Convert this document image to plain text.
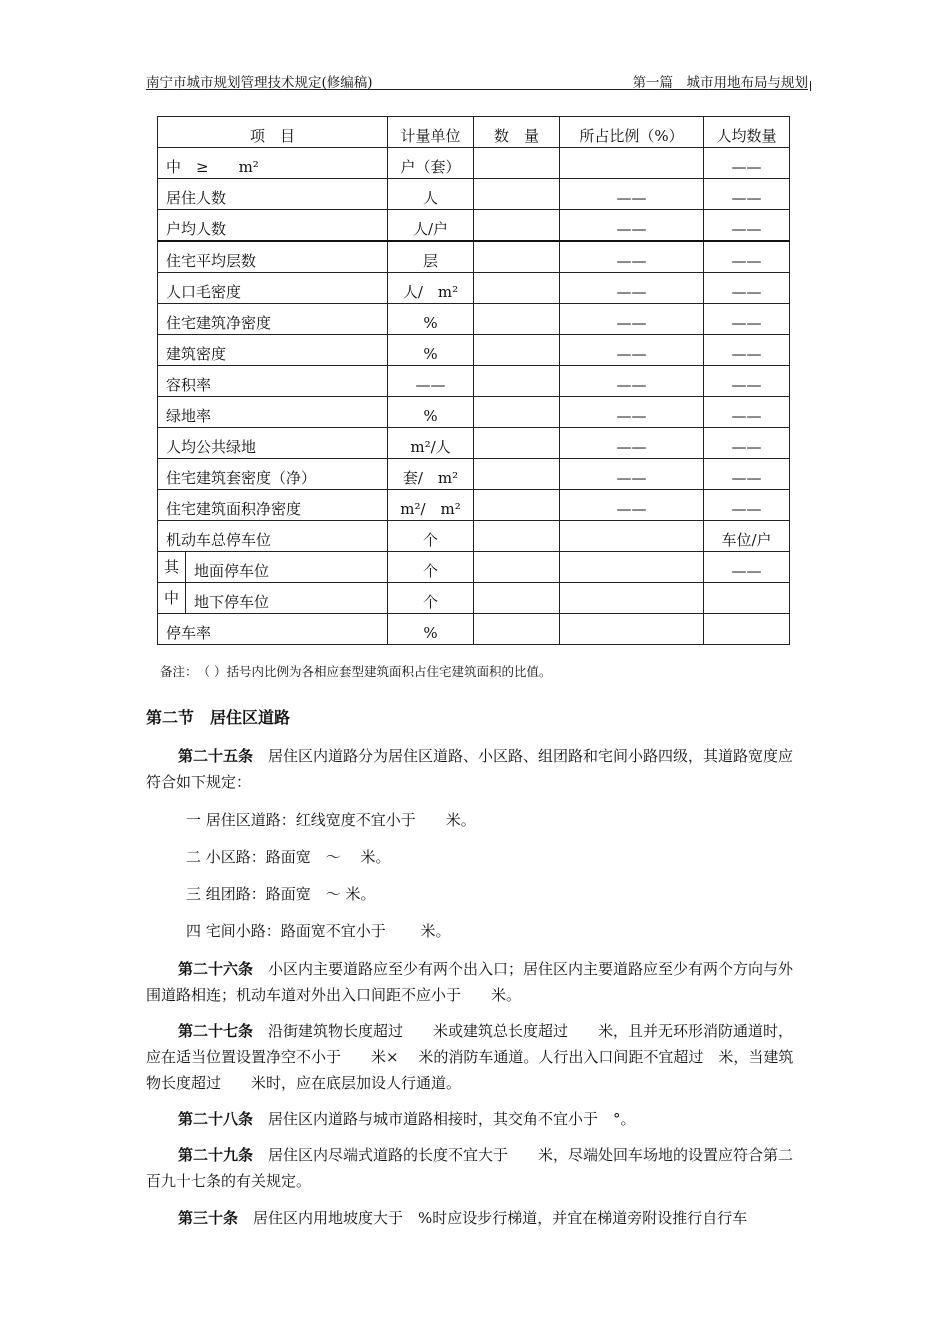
南宁市城市规划管理技术规定(修编稿)	第一篇　城市用地布局与规划
项　目		计量单位	数　量	所占比例（%）	人均数量
中　≥　　m²		户（套）			——
居住人数		人		——	——
户均人数		人/户		——	——
住宅平均层数		层		——	——
人口毛密度		人/　m²		——	——
住宅建筑净密度		%		——	——
建筑密度		%		——	——
容积率		——		——	——
绿地率		%		——	——
人均公共绿地		m²/人		——	——
住宅建筑套密度（净）		套/　m²		——	——
住宅建筑面积净密度		m²/　m²		——	——
机动车总停车位		个			车位/户
其	地面停车位	个			——
中	地下停车位	个			
停车率		%			
备注：　（ ）括号内比例为各相应套型建筑面积占住宅建筑面积的比值。
第二节　居住区道路
第二十五条　居住区内道路分为居住区道路、小区路、组团路和宅间小路四级，其道路宽度应符合如下规定：
一 居住区道路：红线宽度不宜小于　　米。
二 小区路：路面宽　～　 米。
三 组团路：路面宽　～ 米。
四 宅间小路：路面宽不宜小于　　 米。
第二十六条　小区内主要道路应至少有两个出入口；居住区内主要道路应至少有两个方向与外围道路相连；机动车道对外出入口间距不应小于　　米。
第二十七条　沿街建筑物长度超过　　米或建筑总长度超过　　米，且并无环形消防通道时，应在适当位置设置净空不小于　　米×　 米的消防车通道。人行出入口间距不宜超过　米，当建筑物长度超过　　米时，应在底层加设人行通道。
第二十八条　居住区内道路与城市道路相接时，其交角不宜小于　°。
第二十九条　居住区内尽端式道路的长度不宜大于　　米，尽端处回车场地的设置应符合第二百九十七条的有关规定。
第三十条　居住区内用地坡度大于　%时应设步行梯道，并宜在梯道旁附设推行自行车
